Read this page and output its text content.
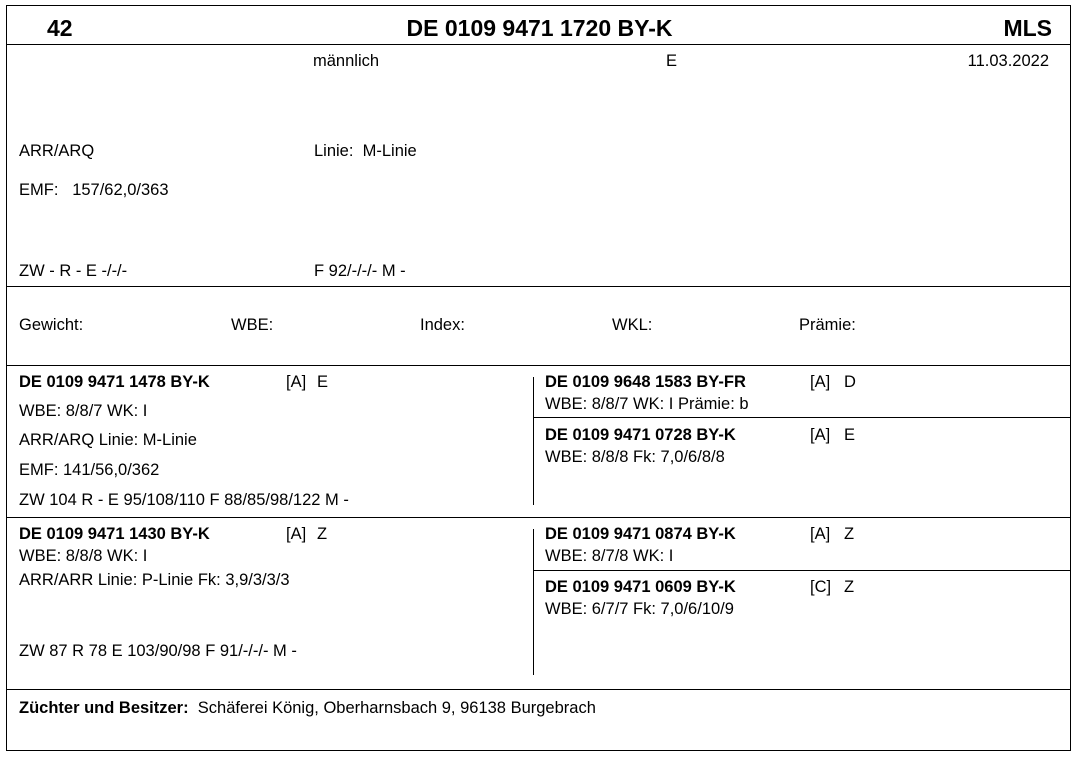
42	DE 0109 9471 1720 BY-K	MLS
männlich	E	11.03.2022
ARR/ARQ	Linie: M-Linie
EMF: 157/62,0/363
ZW - R - E -/-/-	F 92/-/-/- M -
Gewicht:	WBE:	Index:	WKL:	Prämie:
DE 0109 9471 1478 BY-K	[A] E
WBE: 8/8/7 WK: I
ARR/ARQ Linie: M-Linie
EMF: 141/56,0/362
ZW 104 R - E 95/108/110 F 88/85/98/122 M -
DE 0109 9648 1583 BY-FR	[A] D
WBE: 8/8/7 WK: I Prämie: b
DE 0109 9471 0728 BY-K	[A] E
WBE: 8/8/8 Fk: 7,0/6/8/8
DE 0109 9471 1430 BY-K	[A] Z
WBE: 8/8/8 WK: I
ARR/ARR Linie: P-Linie Fk: 3,9/3/3/3
ZW 87 R 78 E 103/90/98 F 91/-/-/- M -
DE 0109 9471 0874 BY-K	[A] Z
WBE: 8/7/8 WK: I
DE 0109 9471 0609 BY-K	[C] Z
WBE: 6/7/7 Fk: 7,0/6/10/9
Züchter und Besitzer: Schäferei König, Oberharnsbach 9, 96138 Burgebrach
